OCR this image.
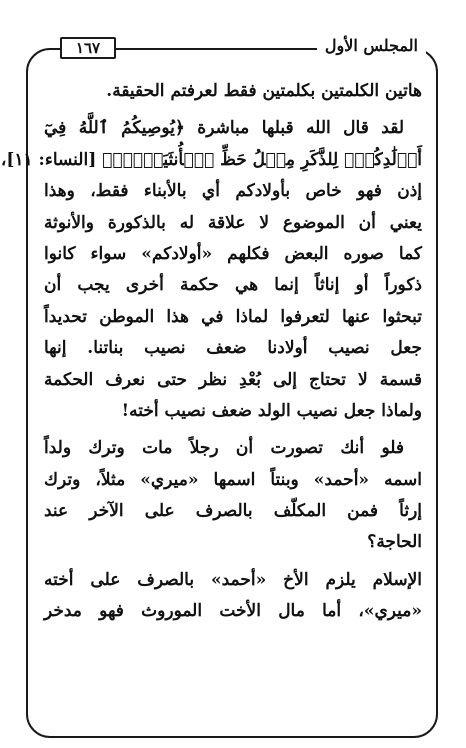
المجلس الأول
١٦٧
هاتين الكلمتين بكلمتين فقط لعرفتم الحقيقة.
لقد قال الله قبلها مباشرة ﴿يُوصِيكُمُ ٱللَّهُ فِيٓ
أَوۡلَٰدِكُمۡۖ لِلذَّكَرِ مِثۡلُ حَظِّ ٱلۡأُنثَيَيۡنِۚ﴾ [النساء: ١١]،
إذن فهو خاص بأولادكم أي بالأبناء فقط، وهذا
يعني أن الموضوع لا علاقة له بالذكورة والأنوثة
كما صوره البعض فكلهم «أولادكم» سواء كانوا
ذكوراً أو إناثاً إنما هي حكمة أخرى يجب أن
تبحثوا عنها لتعرفوا لماذا في هذا الموطن تحديداً
جعل نصيب أولادنا ضعف نصيب بناتنا. إنها
قسمة لا تحتاج إلى بُعْدِ نظر حتى نعرف الحكمة
ولماذا جعل نصيب الولد ضعف نصيب أخته!
فلو أنك تصورت أن رجلاً مات وترك ولداً
اسمه «أحمد» وبنتاً اسمها «ميري» مثلاً، وترك
إرثاً فمن المكلّف بالصرف على الآخر عند
الحاجة؟
الإسلام يلزم الأخ «أحمد» بالصرف على أخته
«ميري»، أما مال الأخت الموروث فهو مدخر
